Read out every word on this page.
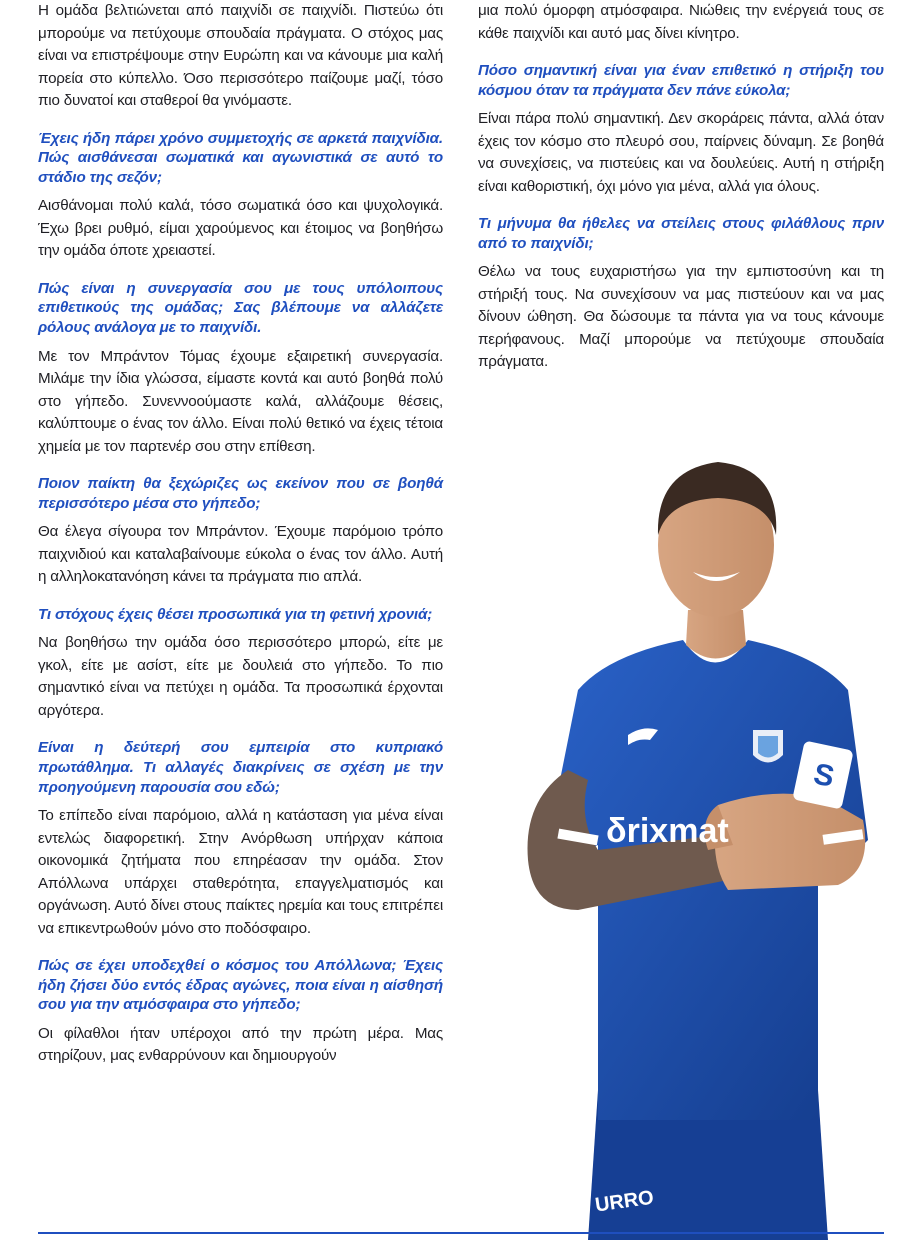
Η ομάδα βελτιώνεται από παιχνίδι σε παιχνίδι. Πιστεύω ότι μπορούμε να πετύχουμε σπουδαία πράγματα. Ο στόχος μας είναι να επιστρέψουμε στην Ευρώπη και να κάνουμε μια καλή πορεία στο κύπελλο. Όσο περισσότερο παίζουμε μαζί, τόσο πιο δυνατοί και σταθεροί θα γινόμαστε.

Έχεις ήδη πάρει χρόνο συμμετοχής σε αρκετά παιχνίδια. Πώς αισθάνεσαι σωματικά και αγωνιστικά σε αυτό το στάδιο της σεζόν;

Αισθάνομαι πολύ καλά, τόσο σωματικά όσο και ψυχολογικά. Έχω βρει ρυθμό, είμαι χαρούμενος και έτοιμος να βοηθήσω την ομάδα όποτε χρειαστεί.

Πώς είναι η συνεργασία σου με τους υπόλοιπους επιθετικούς της ομάδας; Σας βλέπουμε να αλλάζετε ρόλους ανάλογα με το παιχνίδι.

Με τον Μπράντον Τόμας έχουμε εξαιρετική συνεργασία. Μιλάμε την ίδια γλώσσα, είμαστε κοντά και αυτό βοηθά πολύ στο γήπεδο. Συνεννοούμαστε καλά, αλλάζουμε θέσεις, καλύπτουμε ο ένας τον άλλο. Είναι πολύ θετικό να έχεις τέτοια χημεία με τον παρτενέρ σου στην επίθεση.

Ποιον παίκτη θα ξεχώριζες ως εκείνον που σε βοηθά περισσότερο μέσα στο γήπεδο;

Θα έλεγα σίγουρα τον Μπράντον. Έχουμε παρόμοιο τρόπο παιχνιδιού και καταλαβαίνουμε εύκολα ο ένας τον άλλο. Αυτή η αλληλοκατανόηση κάνει τα πράγματα πιο απλά.

Τι στόχους έχεις θέσει προσωπικά για τη φετινή χρονιά;

Να βοηθήσω την ομάδα όσο περισσότερο μπορώ, είτε με γκολ, είτε με ασίστ, είτε με δουλειά στο γήπεδο. Το πιο σημαντικό είναι να πετύχει η ομάδα. Τα προσωπικά έρχονται αργότερα.

Είναι η δεύτερή σου εμπειρία στο κυπριακό πρωτάθλημα. Τι αλλαγές διακρίνεις σε σχέση με την προηγούμενη παρουσία σου εδώ;

Το επίπεδο είναι παρόμοιο, αλλά η κατάσταση για μένα είναι εντελώς διαφορετική. Στην Ανόρθωση υπήρχαν κάποια οικονομικά ζητήματα που επηρέασαν την ομάδα. Στον Απόλλωνα υπάρχει σταθερότητα, επαγγελματισμός και οργάνωση. Αυτό δίνει στους παίκτες ηρεμία και τους επιτρέπει να επικεντρωθούν μόνο στο ποδόσφαιρο.

Πώς σε έχει υποδεχθεί ο κόσμος του Απόλλωνα; Έχεις ήδη ζήσει δύο εντός έδρας αγώνες, ποια είναι η αίσθησή σου για την ατμόσφαιρα στο γήπεδο;

Οι φίλαθλοι ήταν υπέροχοι από την πρώτη μέρα. Μας στηρίζουν, μας ενθαρρύνουν και δημιουργούν

μια πολύ όμορφη ατμόσφαιρα. Νιώθεις την ενέργειά τους σε κάθε παιχνίδι και αυτό μας δίνει κίνητρο.

Πόσο σημαντική είναι για έναν επιθετικό η στήριξη του κόσμου όταν τα πράγματα δεν πάνε εύκολα;

Είναι πάρα πολύ σημαντική. Δεν σκοράρεις πάντα, αλλά όταν έχεις τον κόσμο στο πλευρό σου, παίρνεις δύναμη. Σε βοηθά να συνεχίσεις, να πιστεύεις και να δουλεύεις. Αυτή η στήριξη είναι καθοριστική, όχι μόνο για μένα, αλλά για όλους.

Τι μήνυμα θα ήθελες να στείλεις στους φιλάθλους πριν από το παιχνίδι;

Θέλω να τους ευχαριστήσω για την εμπιστοσύνη και τη στήριξή τους. Να συνεχίσουν να μας πιστεύουν και να μας δίνουν ώθηση. Θα δώσουμε τα πάντα για να τους κάνουμε περήφανους. Μαζί μπορούμε να πετύχουμε σπουδαία πράγματα.

S
δrixmat
URRO
